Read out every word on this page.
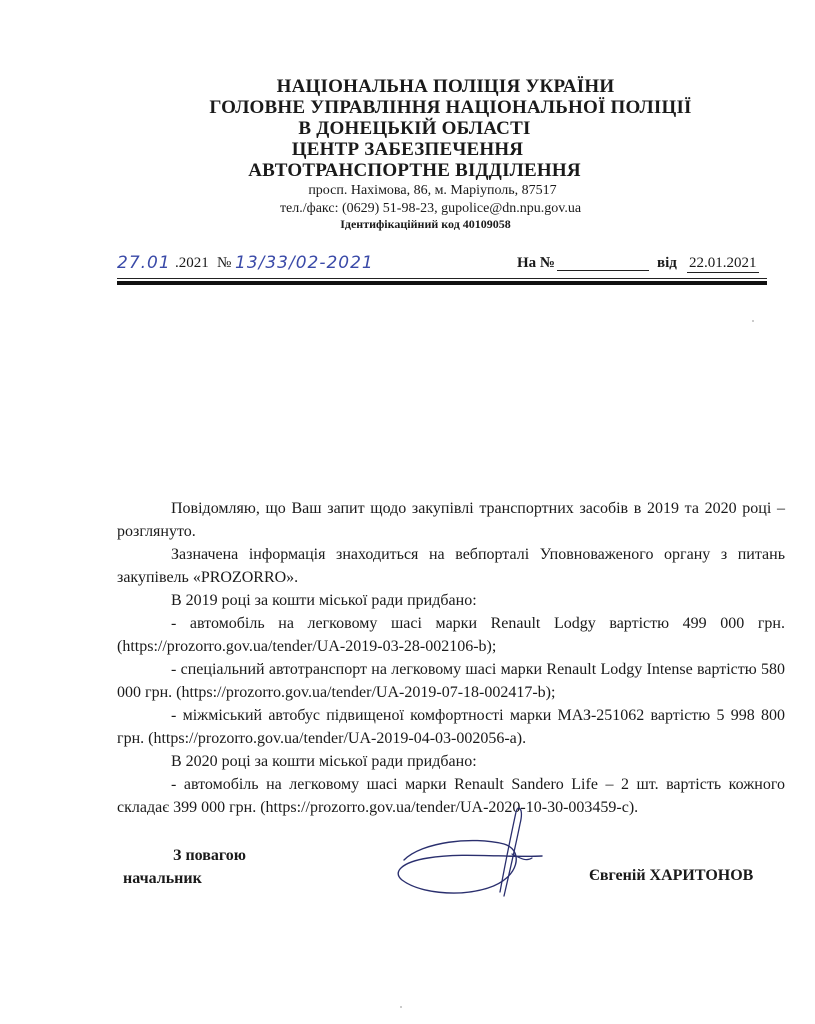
НАЦІОНАЛЬНА ПОЛІЦІЯ УКРАЇНИ
ГОЛОВНЕ УПРАВЛІННЯ НАЦІОНАЛЬНОЇ ПОЛІЦІЇ
В ДОНЕЦЬКІЙ ОБЛАСТІ
ЦЕНТР ЗАБЕЗПЕЧЕННЯ
АВТОТРАНСПОРТНЕ ВІДДІЛЕННЯ
просп. Нахімова, 86, м. Маріуполь, 87517
тел./факс: (0629) 51-98-23, gupolice@dn.npu.gov.ua
Ідентифікаційний код 40109058
27.01 .2021 № 13/33/02-2021	На №	від 22.01.2021

Повідомляю, що Ваш запит щодо закупівлі транспортних засобів в 2019 та 2020 році – розглянуто.

Зазначена інформація знаходиться на вебпорталі Уповноваженого органу з питань закупівель «PROZORRO».

В 2019 році за кошти міської ради придбано:

- автомобіль на легковому шасі марки Renault Lodgy вартістю 499 000 грн. (https://prozorro.gov.ua/tender/UA-2019-03-28-002106-b);

- спеціальний автотранспорт на легковому шасі марки Renault Lodgy Intense вартістю 580 000 грн. (https://prozorro.gov.ua/tender/UA-2019-07-18-002417-b);

- міжміський автобус підвищеної комфортності марки МАЗ-251062 вартістю 5 998 800 грн. (https://prozorro.gov.ua/tender/UA-2019-04-03-002056-a).

В 2020 році за кошти міської ради придбано:

- автомобіль на легковому шасі марки Renault Sandero Life – 2 шт. вартість кожного складає 399 000 грн. (https://prozorro.gov.ua/tender/UA-2020-10-30-003459-c).

З повагою
начальник	Євгеній ХАРИТОНОВ
